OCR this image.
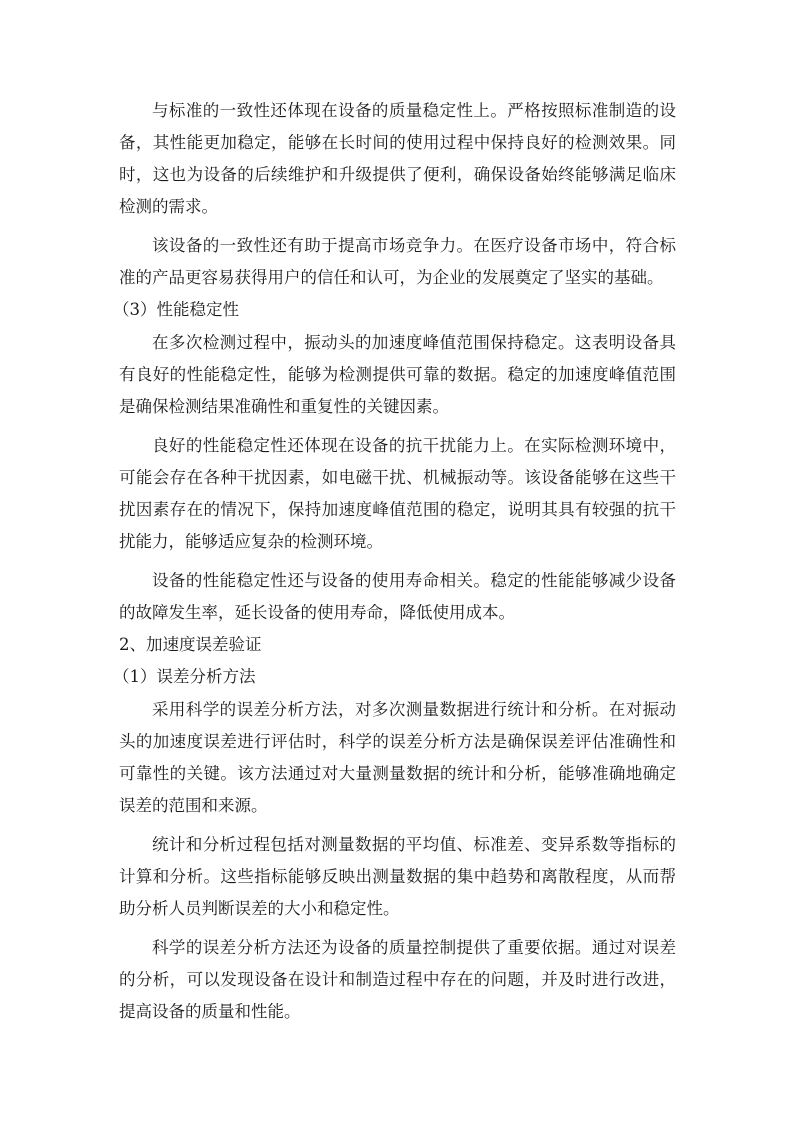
与标准的一致性还体现在设备的质量稳定性上。严格按照标准制造的设备，其性能更加稳定，能够在长时间的使用过程中保持良好的检测效果。同时，这也为设备的后续维护和升级提供了便利，确保设备始终能够满足临床检测的需求。

该设备的一致性还有助于提高市场竞争力。在医疗设备市场中，符合标准的产品更容易获得用户的信任和认可，为企业的发展奠定了坚实的基础。

（3）性能稳定性

在多次检测过程中，振动头的加速度峰值范围保持稳定。这表明设备具有良好的性能稳定性，能够为检测提供可靠的数据。稳定的加速度峰值范围是确保检测结果准确性和重复性的关键因素。

良好的性能稳定性还体现在设备的抗干扰能力上。在实际检测环境中，可能会存在各种干扰因素，如电磁干扰、机械振动等。该设备能够在这些干扰因素存在的情况下，保持加速度峰值范围的稳定，说明其具有较强的抗干扰能力，能够适应复杂的检测环境。

设备的性能稳定性还与设备的使用寿命相关。稳定的性能能够减少设备的故障发生率，延长设备的使用寿命，降低使用成本。

2、加速度误差验证

（1）误差分析方法

采用科学的误差分析方法，对多次测量数据进行统计和分析。在对振动头的加速度误差进行评估时，科学的误差分析方法是确保误差评估准确性和可靠性的关键。该方法通过对大量测量数据的统计和分析，能够准确地确定误差的范围和来源。

统计和分析过程包括对测量数据的平均值、标准差、变异系数等指标的计算和分析。这些指标能够反映出测量数据的集中趋势和离散程度，从而帮助分析人员判断误差的大小和稳定性。

科学的误差分析方法还为设备的质量控制提供了重要依据。通过对误差的分析，可以发现设备在设计和制造过程中存在的问题，并及时进行改进，提高设备的质量和性能。
